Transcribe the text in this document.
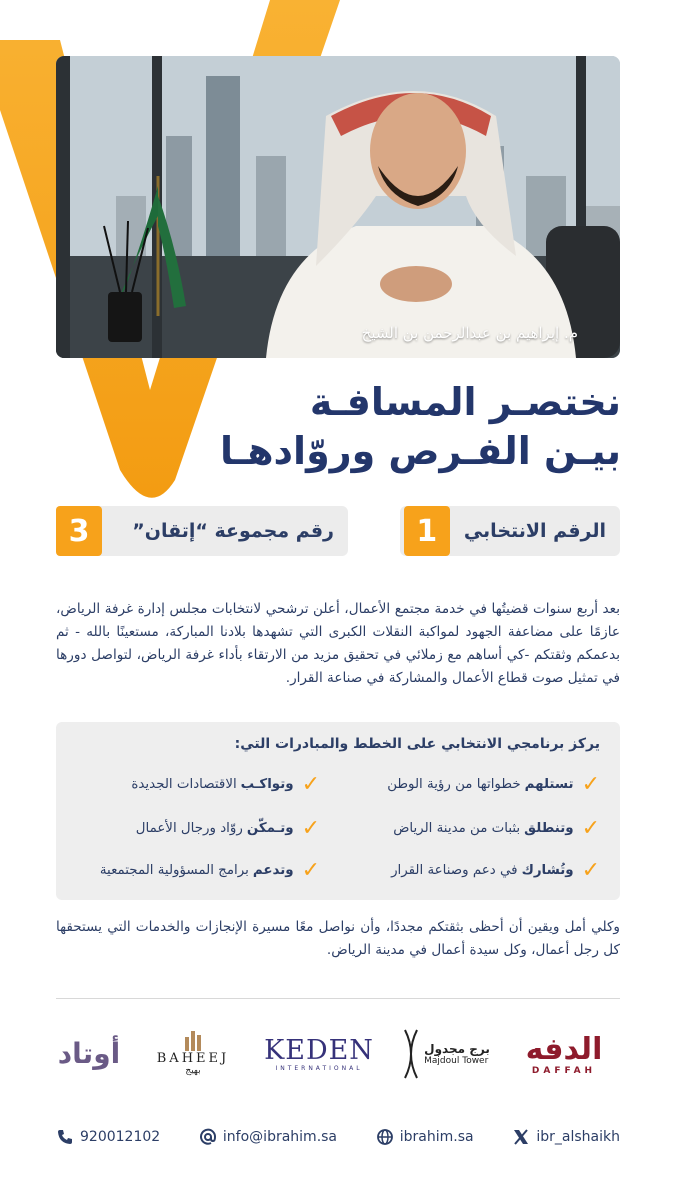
م. إبراهيم بن عبدالرحمن بن الشيخ
نختصـر المسافـة
بيـن الفـرص وروّادهـا
الرقم الانتخابي
1
رقم مجموعة “إتقان”
3
بعد أربع سنوات قضيتُها في خدمة مجتمع الأعمال، أعلن ترشحي لانتخابات مجلس إدارة غرفة الرياض، عازمًا على مضاعفة الجهود لمواكبة النقلات الكبرى التي تشهدها بلادنا المباركة، مستعينًا بالله - ثم بدعمكم وثقتكم -كي أساهم مع زملائي في تحقيق مزيد من الارتقاء بأداء غرفة الرياض، لتواصل دورها في تمثيل صوت قطاع الأعمال والمشاركة في صناعة القرار.
يركز برنامجي الانتخابي على الخطط والمبادرات التي:
✓
تستلهم
خطواتها من رؤية الوطن
✓
وتواكـب
الاقتصادات الجديدة
✓
وتنطلق
بثبات من مدينة الرياض
✓
وتـمكّن
روّاد ورجال الأعمال
✓
وتُشارك
في دعم وصناعة القرار
✓
وتدعم
برامج المسؤولية المجتمعية
وكلي أمل ويقين أن أحظى بثقتكم مجددًا، وأن نواصل معًا مسيرة الإنجازات والخدمات التي يستحقها كل رجل أعمال، وكل سيدة أعمال في مدينة الرياض.
الدفه
DAFFAH
برج مجدول
Majdoul Tower
KEDEN
INTERNATIONAL
BAHEEJ
بهيج
أوتاد
920012102	info@ibrahim.sa	ibrahim.sa	ibr_alshaikh
